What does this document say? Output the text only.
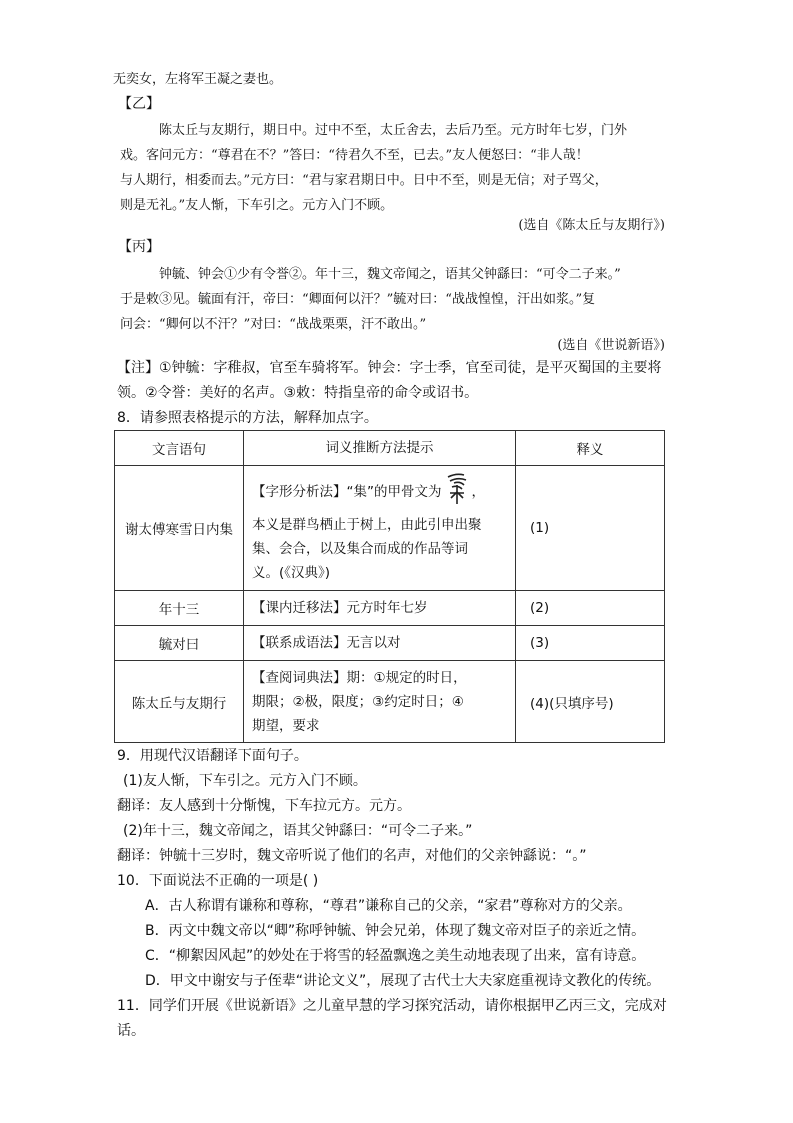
无奕女，左将军王凝之妻也。
【乙】
陈太丘与友期行，期日中。过中不至，太丘舍去，去后乃至。元方时年七岁，门外
戏。客问元方：“尊君在不？”答曰：“待君久不至，已去。”友人便怒曰：“非人哉！
与人期行，相委而去。”元方曰：“君与家君期日中。日中不至，则是无信；对子骂父，
则是无礼。”友人惭，下车引之。元方入门不顾。
(选自《陈太丘与友期行》)
【丙】
钟毓、钟会①少有令誉②。年十三，魏文帝闻之，语其父钟繇曰：“可令二子来。”
于是敕③见。毓面有汗，帝曰：“卿面何以汗？”毓对曰：“战战惶惶，汗出如浆。”复
问会：“卿何以不汗？”对曰：“战战栗栗，汗不敢出。”
(选自《世说新语》)
【注】①钟毓：字稚叔，官至车骑将军。钟会：字士季，官至司徒，是平灭蜀国的主要将
领。②令誉：美好的名声。③敕：特指皇帝的命令或诏书。
8．请参照表格提示的方法，解释加点字。
文言语句	词义推断方法提示	释义
谢太傅寒雪日内集	【字形分析法】“集”的甲骨文为 ，
本义是群鸟栖止于树上，由此引申出聚
集、会合，以及集合而成的作品等词
义。(《汉典》)	(1)
年十三	【课内迁移法】元方时年七岁	(2)
毓对曰	【联系成语法】无言以对	(3)
陈太丘与友期行	【查阅词典法】期：①规定的时日，
期限；②极，限度；③约定时日；④
期望，要求	(4)(只填序号)
9．用现代汉语翻译下面句子。
(1)友人惭，下车引之。元方入门不顾。
翻译：友人感到十分惭愧，下车拉元方。元方。
(2)年十三，魏文帝闻之，语其父钟繇曰：“可令二子来。”
翻译：钟毓十三岁时，魏文帝听说了他们的名声，对他们的父亲钟繇说：“。”
10．下面说法不正确的一项是( )
A．古人称谓有谦称和尊称，“尊君”谦称自己的父亲，“家君”尊称对方的父亲。
B．丙文中魏文帝以“卿”称呼钟毓、钟会兄弟，体现了魏文帝对臣子的亲近之情。
C．“柳絮因风起”的妙处在于将雪的轻盈飘逸之美生动地表现了出来，富有诗意。
D．甲文中谢安与子侄辈“讲论文义”，展现了古代士大夫家庭重视诗文教化的传统。
11．同学们开展《世说新语》之儿童早慧的学习探究活动，请你根据甲乙丙三文，完成对
话。
